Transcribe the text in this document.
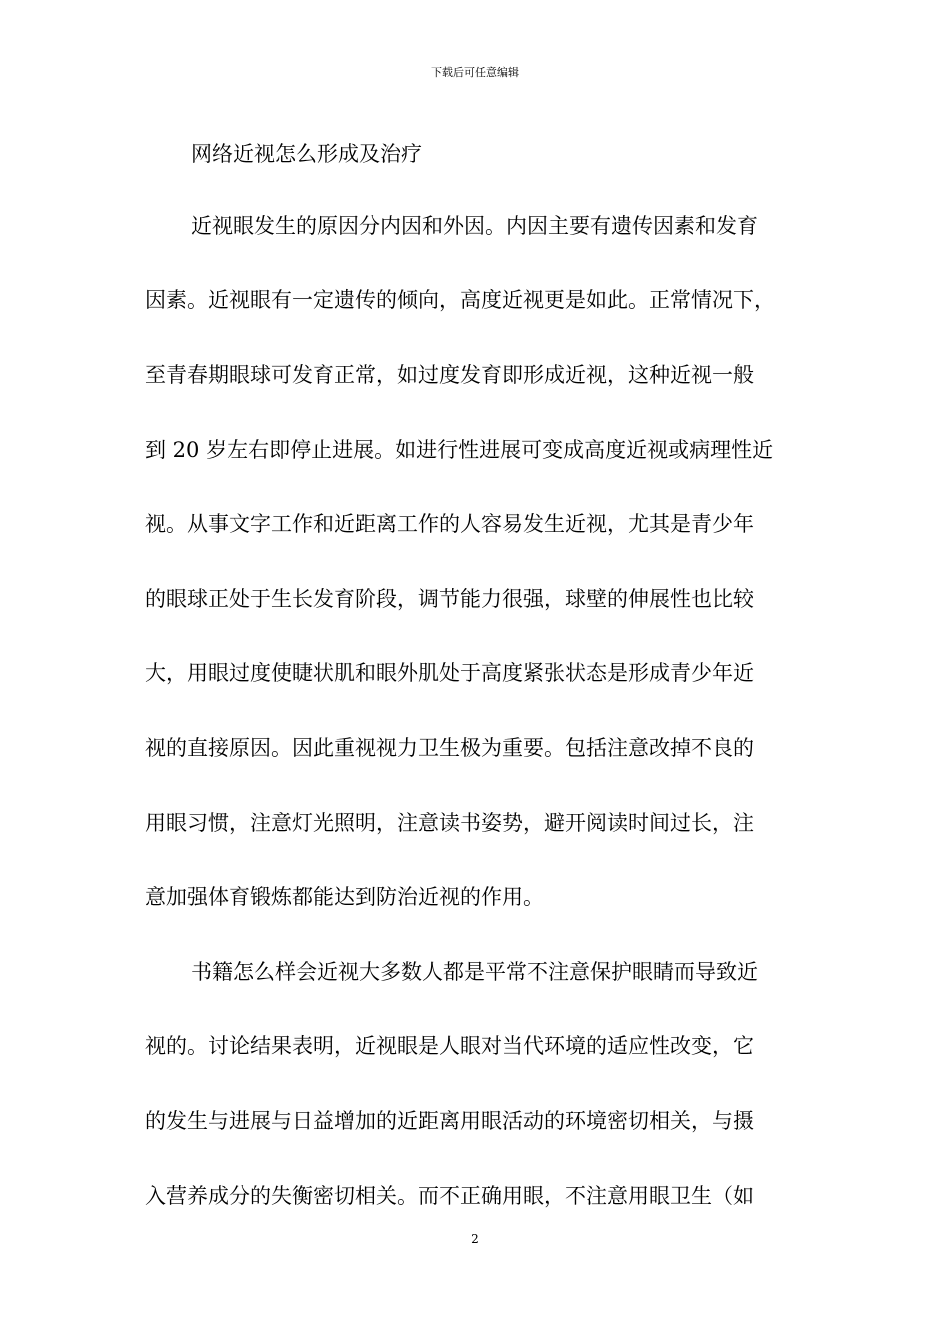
下载后可任意编辑
网络近视怎么形成及治疗
近视眼发生的原因分内因和外因。内因主要有遗传因素和发育
因素。近视眼有一定遗传的倾向，高度近视更是如此。正常情况下，
至青春期眼球可发育正常，如过度发育即形成近视，这种近视一般
到 20 岁左右即停止进展。如进行性进展可变成高度近视或病理性近
视。从事文字工作和近距离工作的人容易发生近视，尤其是青少年
的眼球正处于生长发育阶段，调节能力很强，球壁的伸展性也比较
大，用眼过度使睫状肌和眼外肌处于高度紧张状态是形成青少年近
视的直接原因。因此重视视力卫生极为重要。包括注意改掉不良的
用眼习惯，注意灯光照明，注意读书姿势，避开阅读时间过长，注
意加强体育锻炼都能达到防治近视的作用。
书籍怎么样会近视大多数人都是平常不注意保护眼睛而导致近
视的。讨论结果表明，近视眼是人眼对当代环境的适应性改变，它
的发生与进展与日益增加的近距离用眼活动的环境密切相关，与摄
入营养成分的失衡密切相关。而不正确用眼，不注意用眼卫生（如
2
